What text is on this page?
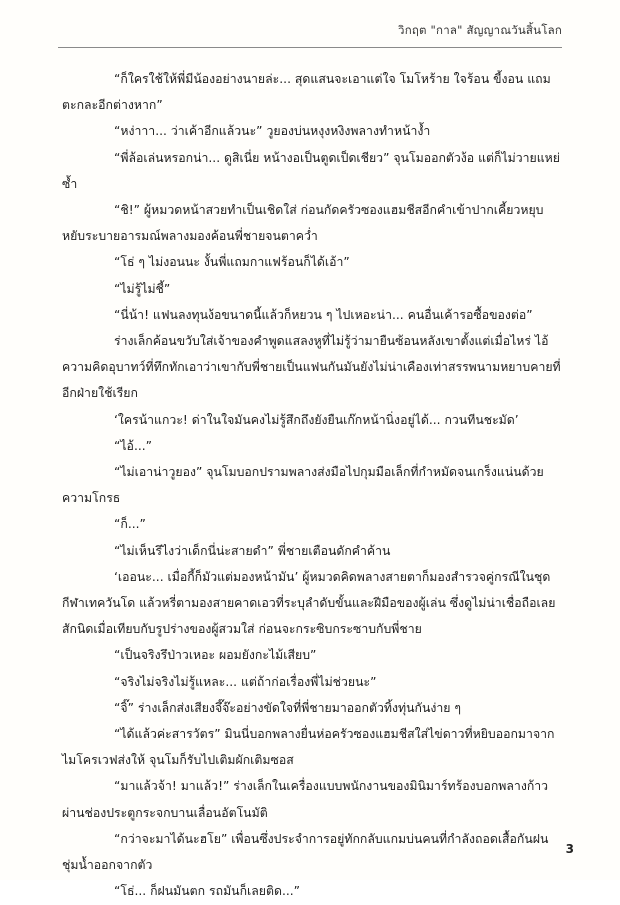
วิกฤต "กาล" สัญญาณวันสิ้นโลก

“ก็ใครใช้ให้พี่มีน้องอย่างนายล่ะ... สุดแสนจะเอาแต่ใจ โมโหร้าย ใจร้อน ขี้งอน แถมตะกละอีกต่างหาก”

“หง่าาา... ว่าเค้าอีกแล้วนะ” วูยองบ่นหงุงหงิงพลางทำหน้างํ้า

“พี่ล้อเล่นหรอกน่า... ดูสิเนี่ย หน้างอเป็นตูดเป็ดเชียว” จุนโมออกตัวง้อ แต่ก็ไม่วายแหย่ซํ้า

“ชิ!” ผู้หมวดหน้าสวยทำเป็นเชิดใส่ ก่อนกัดครัวซองแฮมชีสอีกคำเข้าปากเคี้ยวหยุบหยับระบายอารมณ์พลางมองค้อนพี่ชายจนตาคว่ำ

“โธ่ ๆ ไม่งอนนะ งั้นพี่แถมกาแฟร้อนก็ได้เอ้า”

“ไม่รู้ไม่ชี้”

“นี่น้า! แฟนลงทุนง้อขนาดนี้แล้วก็หยวน ๆ ไปเหอะน่า... คนอื่นเค้ารอซื้อของต่อ”

ร่างเล็กค้อนขวับใส่เจ้าของคำพูดแสลงหูที่ไม่รู้ว่ามายืนซ้อนหลังเขาตั้งแต่เมื่อไหร่ ไอ้ความคิดอุบาทว์ที่ทึกทักเอาว่าเขากับพี่ชายเป็นแฟนกันมันยังไม่น่าเคืองเท่าสรรพนามหยาบคายที่อีกฝ่ายใช้เรียก

‘ใครน้าแกวะ! ด่าในใจมันคงไม่รู้สึกถึงยังยืนเก๊กหน้านิ่งอยู่ได้... กวนทีนชะมัด’

“ไอ้...”

“ไม่เอาน่าวูยอง” จุนโมบอกปรามพลางส่งมือไปกุมมือเล็กที่กำหมัดจนเกร็งแน่นด้วยความโกรธ

“ก็...”

“ไม่เห็นรึไงว่าเด็กนี่น่ะสายดำ” พี่ชายเตือนดักคำค้าน

‘เออนะ... เมื่อกี้ก็มัวแต่มองหน้ามัน’ ผู้หมวดคิดพลางสายตาก็มองสำรวจคู่กรณีในชุดกีฬาเทควันโด แล้วหรี่ตามองสายคาดเอวที่ระบุลำดับขั้นและฝีมือของผู้เล่น ซึ่งดูไม่น่าเชื่อถือเลยสักนิดเมื่อเทียบกับรูปร่างของผู้สวมใส่ ก่อนจะกระซิบกระซาบกับพี่ชาย

“เป็นจริงรึป่าวเหอะ ผอมยังกะไม้เสียบ”

“จริงไม่จริงไม่รู้แหละ... แต่ถ้าก่อเรื่องพี่ไม่ช่วยนะ”

“จิ๊” ร่างเล็กส่งเสียงจึ๊จ๊ะอย่างขัดใจที่พี่ชายมาออกตัวทิ้งทุ่นกันง่าย ๆ

“ได้แล้วค่ะสารวัตร” มินนี่บอกพลางยื่นห่อครัวซองแฮมชีสใส่ไข่ดาวที่หยิบออกมาจากไมโครเวฟส่งให้ จุนโมก็รับไปเติมผักเติมซอส

“มาแล้วจ้า! มาแล้ว!” ร่างเล็กในเครื่องแบบพนักงานของมินิมาร์ทร้องบอกพลางก้าวผ่านช่องประตูกระจกบานเลื่อนอัตโนมัติ

“กว่าจะมาได้นะฮโย” เพื่อนซึ่งประจำการอยู่ทักกลับแกมบ่นคนที่กำลังถอดเสื้อกันฝนชุ่มนํ้าออกจากตัว

“โธ่... ก็ฝนมันตก รถมันก็เลยติด...”

3
